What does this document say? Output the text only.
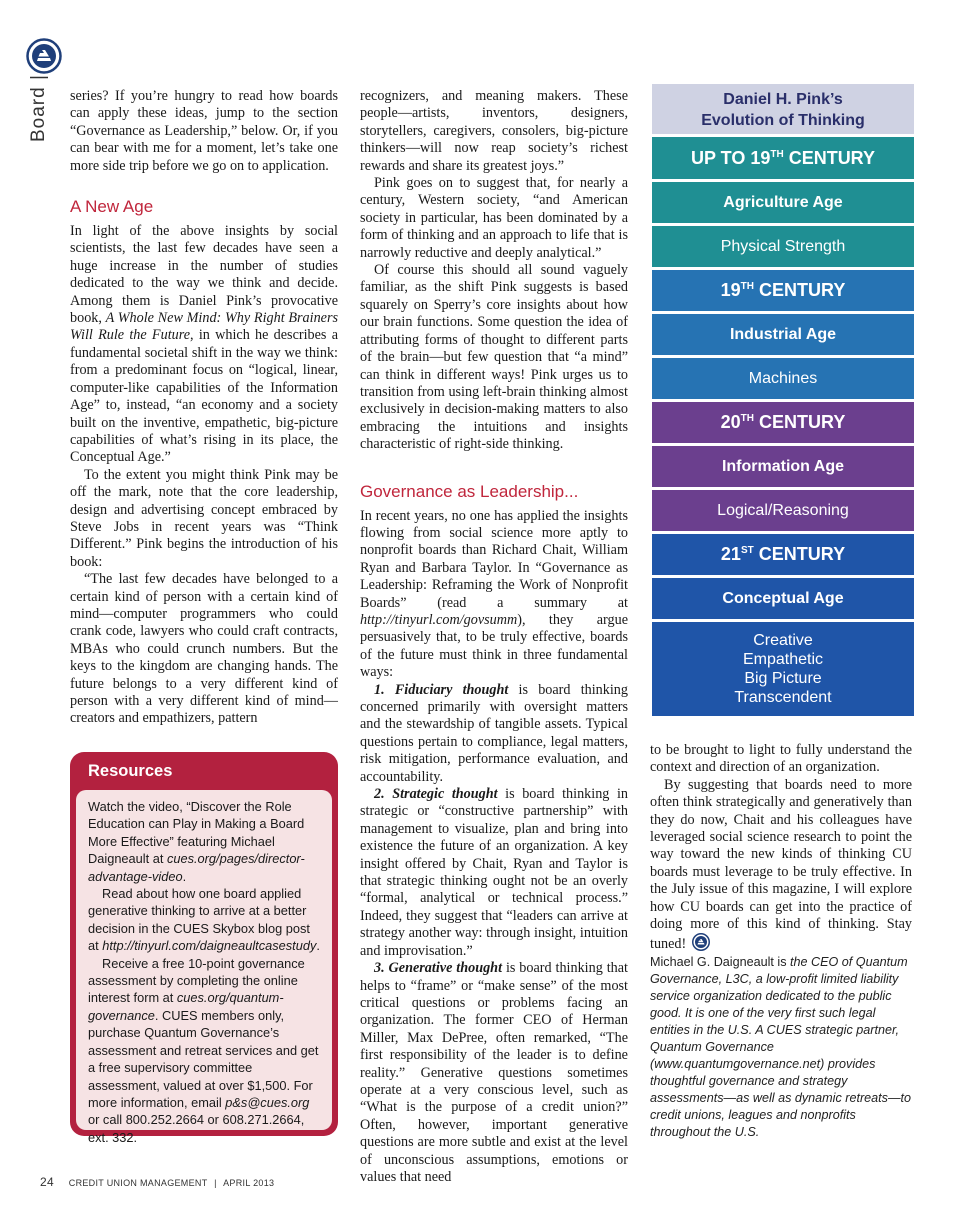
Board |

series? If you’re hungry to read how boards can apply these ideas, jump to the section “Governance as Leadership,” below. Or, if you can bear with me for a moment, let’s take one more side trip before we go on to application.

A New Age

In light of the above insights by social scientists, the last few decades have seen a huge increase in the number of studies dedicated to the way we think and decide. Among them is Daniel Pink’s provocative book, A Whole New Mind: Why Right Brainers Will Rule the Future, in which he describes a fundamental societal shift in the way we think: from a predominant focus on “logical, linear, computer-like capabilities of the Information Age” to, instead, “an economy and a society built on the inventive, empathetic, big-picture capabilities of what’s rising in its place, the Conceptual Age.”

To the extent you might think Pink may be off the mark, note that the core leadership, design and advertising concept embraced by Steve Jobs in recent years was “Think Different.” Pink begins the introduction of his book:

“The last few decades have belonged to a certain kind of person with a certain kind of mind—computer programmers who could crank code, lawyers who could craft contracts, MBAs who could crunch numbers. But the keys to the kingdom are changing hands. The future belongs to a very different kind of person with a very different kind of mind—creators and empathizers, pattern

Resources

Watch the video, “Discover the Role Education can Play in Making a Board More Effective” featuring Michael Daigneault at cues.org/pages/director-advantage-video.

Read about how one board applied generative thinking to arrive at a better decision in the CUES Skybox blog post at http://tinyurl.com/daigneaultcasestudy.

Receive a free 10-point governance assessment by completing the online interest form at cues.org/quantum-governance. CUES members only, purchase Quantum Governance’s assessment and retreat services and get a free supervisory committee assessment, valued at over $1,500. For more information, email p&s@cues.org or call 800.252.2664 or 608.271.2664, ext. 332.

recognizers, and meaning makers. These people—artists, inventors, designers, storytellers, caregivers, consolers, big-picture thinkers—will now reap society’s richest rewards and share its greatest joys.”

Pink goes on to suggest that, for nearly a century, Western society, “and American society in particular, has been dominated by a form of thinking and an approach to life that is narrowly reductive and deeply analytical.”

Of course this should all sound vaguely familiar, as the shift Pink suggests is based squarely on Sperry’s core insights about how our brain functions. Some question the idea of attributing forms of thought to different parts of the brain—but few question that “a mind” can think in different ways! Pink urges us to transition from using left-brain thinking almost exclusively in decision-making matters to also embracing the intuitions and insights characteristic of right-side thinking.

Governance as Leadership...

In recent years, no one has applied the insights flowing from social science more aptly to nonprofit boards than Richard Chait, William Ryan and Barbara Taylor. In “Governance as Leadership: Reframing the Work of Nonprofit Boards” (read a summary at http://tinyurl.com/govsumm), they argue persuasively that, to be truly effective, boards of the future must think in three fundamental ways:

1. Fiduciary thought is board thinking concerned primarily with oversight matters and the stewardship of tangible assets. Typical questions pertain to compliance, legal matters, risk mitigation, performance evaluation, and accountability.

2. Strategic thought is board thinking in strategic or “constructive partnership” with management to visualize, plan and bring into existence the future of an organization. A key insight offered by Chait, Ryan and Taylor is that strategic thinking ought not be an overly “formal, analytical or technical process.” Indeed, they suggest that “leaders can arrive at strategy another way: through insight, intuition and improvisation.”

3. Generative thought is board thinking that helps to “frame” or “make sense” of the most critical questions or problems facing an organization. The former CEO of Herman Miller, Max DePree, often remarked, “The first responsibility of the leader is to define reality.” Generative questions sometimes operate at a very conscious level, such as “What is the purpose of a credit union?” Often, however, important generative questions are more subtle and exist at the level of unconscious assumptions, emotions or values that need

Daniel H. Pink’s
Evolution of Thinking
UP TO 19TH CENTURY
Agriculture Age
Physical Strength
19TH CENTURY
Industrial Age
Machines
20TH CENTURY
Information Age
Logical/Reasoning
21ST CENTURY
Conceptual Age
Creative
Empathetic
Big Picture
Transcendent

to be brought to light to fully understand the context and direction of an organization.

By suggesting that boards need to more often think strategically and generatively than they do now, Chait and his colleagues have leveraged social science research to point the way toward the new kinds of thinking CU boards must leverage to be truly effective. In the July issue of this magazine, I will explore how CU boards can get into the practice of doing more of this kind of thinking. Stay tuned!

Michael G. Daigneault is the CEO of Quantum Governance, L3C, a low-profit limited liability service organization dedicated to the public good. It is one of the very first such legal entities in the U.S. A CUES strategic partner, Quantum Governance (www.quantumgovernance.net) provides thoughtful governance and strategy assessments—as well as dynamic retreats—to credit unions, leagues and nonprofits throughout the U.S.

24 CREDIT UNION MANAGEMENT | APRIL 2013
